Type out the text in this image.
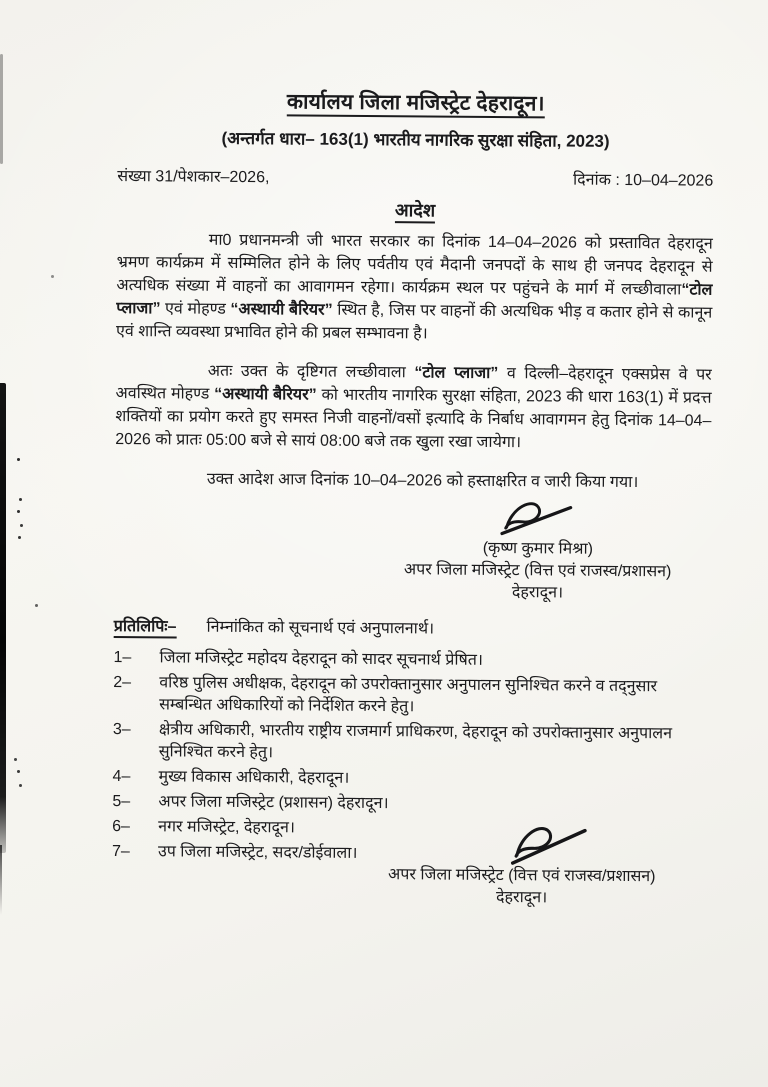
कार्यालय जिला मजिस्ट्रेट देहरादून।
(अन्तर्गत धारा– 163(1) भारतीय नागरिक सुरक्षा संहिता, 2023)
संख्या 31/पेशकार–2026,	दिनांक : 10–04–2026
आदेश

मा0 प्रधानमन्त्री जी भारत सरकार का दिनांक 14–04–2026 को प्रस्तावित देहरादून भ्रमण कार्यक्रम में सम्मिलित होने के लिए पर्वतीय एवं मैदानी जनपदों के साथ ही जनपद देहरादून से अत्यधिक संख्या में वाहनों का आवागमन रहेगा। कार्यक्रम स्थल पर पहुंचने के मार्ग में लच्छीवाला“टोल प्लाजा” एवं मोहण्ड “अस्थायी बैरियर” स्थित है, जिस पर वाहनों की अत्यधिक भीड़ व कतार होने से कानून एवं शान्ति व्यवस्था प्रभावित होने की प्रबल सम्भावना है।

अतः उक्त के दृष्टिगत लच्छीवाला “टोल प्लाजा” व दिल्ली–देहरादून एक्सप्रेस वे पर अवस्थित मोहण्ड “अस्थायी बैरियर” को भारतीय नागरिक सुरक्षा संहिता, 2023 की धारा 163(1) में प्रदत्त शक्तियों का प्रयोग करते हुए समस्त निजी वाहनों/वसों इत्यादि के निर्बाध आवागमन हेतु दिनांक 14–04–2026 को प्रातः 05:00 बजे से सायं 08:00 बजे तक खुला रखा जायेगा।

उक्त आदेश आज दिनांक 10–04–2026 को हस्ताक्षरित व जारी किया गया।

(कृष्ण कुमार मिश्रा)
अपर जिला मजिस्ट्रेट (वित्त एवं राजस्व/प्रशासन)
देहरादून।
प्रतिलिपिः– निम्नांकित को सूचनार्थ एवं अनुपालनार्थ।
1–	जिला मजिस्ट्रेट महोदय देहरादून को सादर सूचनार्थ प्रेषित।
2–	वरिष्ठ पुलिस अधीक्षक, देहरादून को उपरोक्तानुसार अनुपालन सुनिश्चित करने व तद्नुसार सम्बन्धित अधिकारियों को निर्देशित करने हेतु।
3–	क्षेत्रीय अधिकारी, भारतीय राष्ट्रीय राजमार्ग प्राधिकरण, देहरादून को उपरोक्तानुसार अनुपालन सुनिश्चित करने हेतु।
4–	मुख्य विकास अधिकारी, देहरादून।
5–	अपर जिला मजिस्ट्रेट (प्रशासन) देहरादून।
6–	नगर मजिस्ट्रेट, देहरादून।
7–	उप जिला मजिस्ट्रेट, सदर/डोईवाला।
अपर जिला मजिस्ट्रेट (वित्त एवं राजस्व/प्रशासन)
देहरादून।
